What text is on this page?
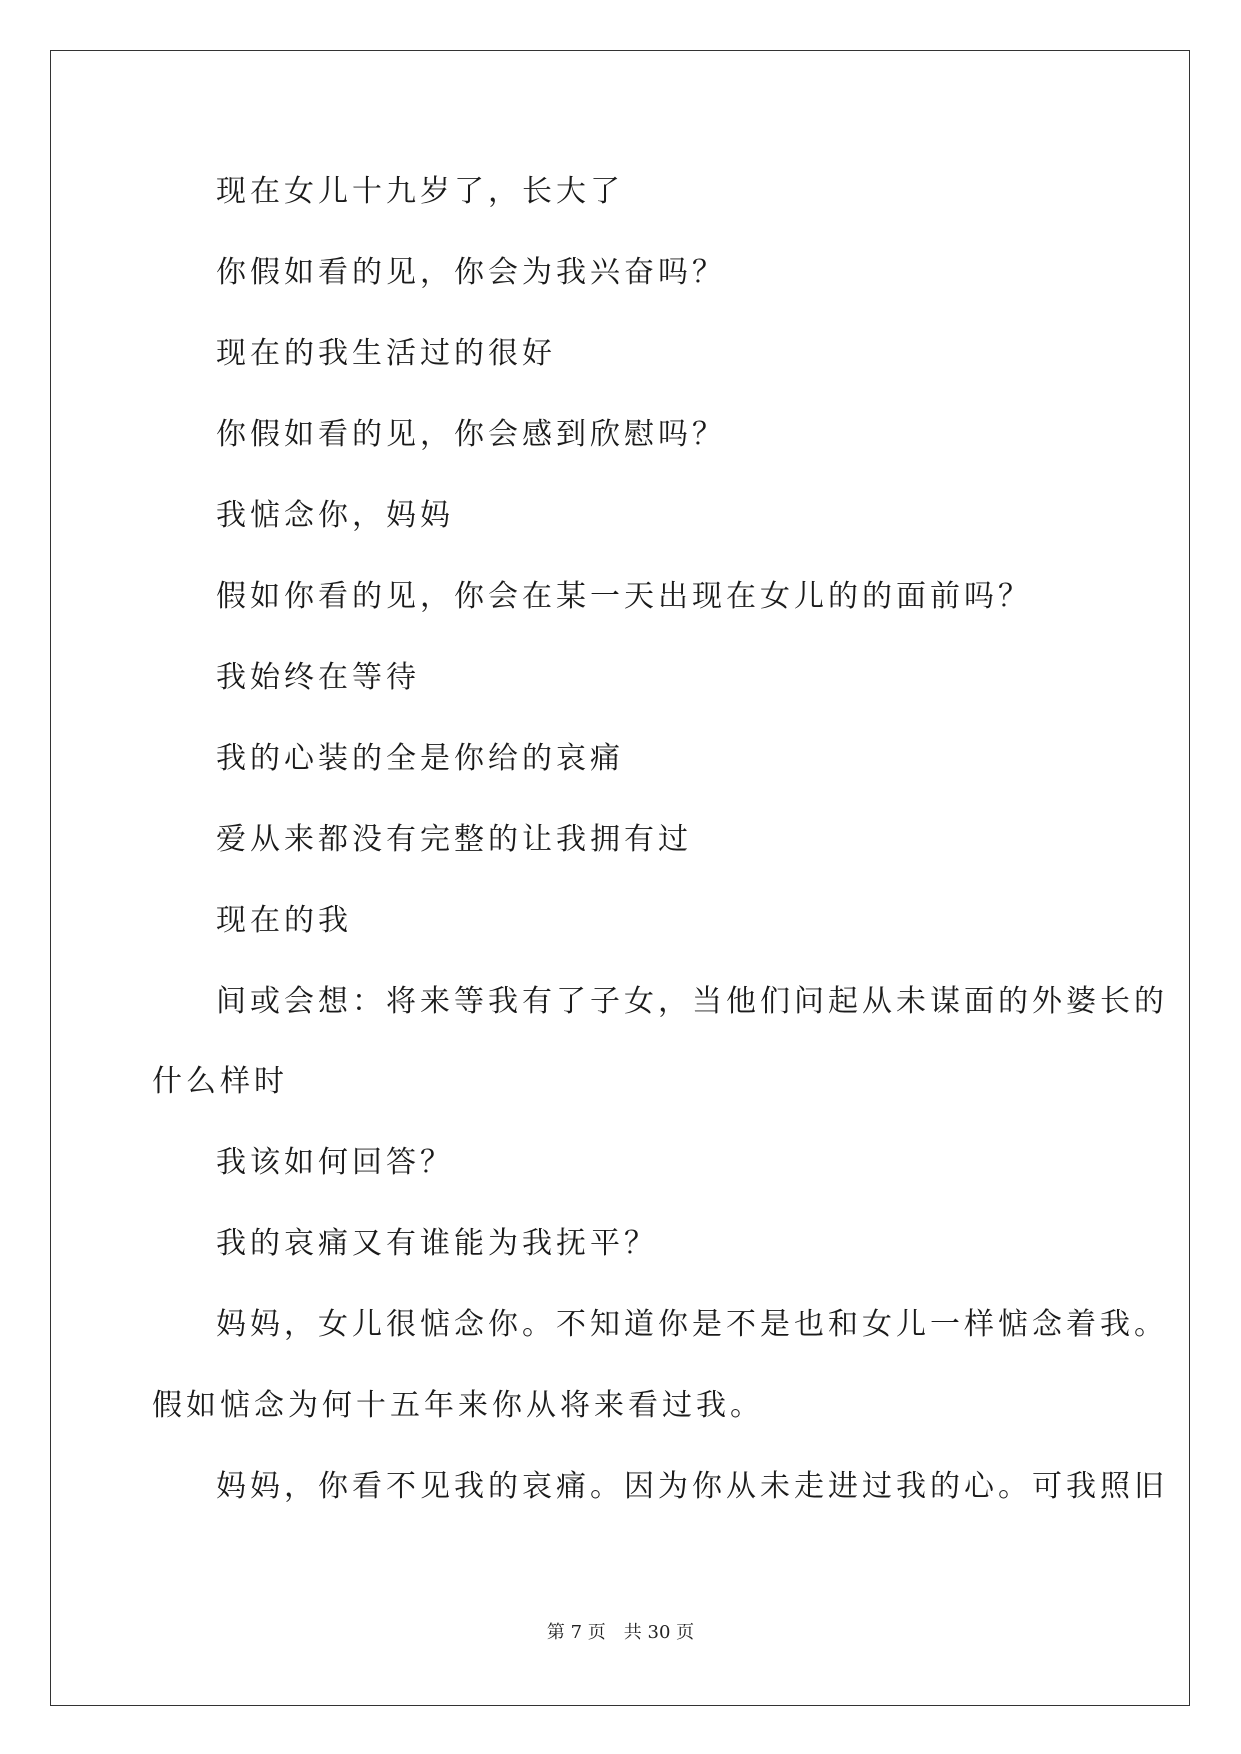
现在女儿十九岁了，长大了
你假如看的见，你会为我兴奋吗？
现在的我生活过的很好
你假如看的见，你会感到欣慰吗？
我惦念你，妈妈
假如你看的见，你会在某一天出现在女儿的的面前吗？
我始终在等待
我的心装的全是你给的哀痛
爱从来都没有完整的让我拥有过
现在的我
间或会想：将来等我有了子女，当他们问起从未谋面的外婆长的
什么样时
我该如何回答？
我的哀痛又有谁能为我抚平？
妈妈，女儿很惦念你。不知道你是不是也和女儿一样惦念着我。
假如惦念为何十五年来你从将来看过我。
妈妈，你看不见我的哀痛。因为你从未走进过我的心。可我照旧
第 7 页　共 30 页
